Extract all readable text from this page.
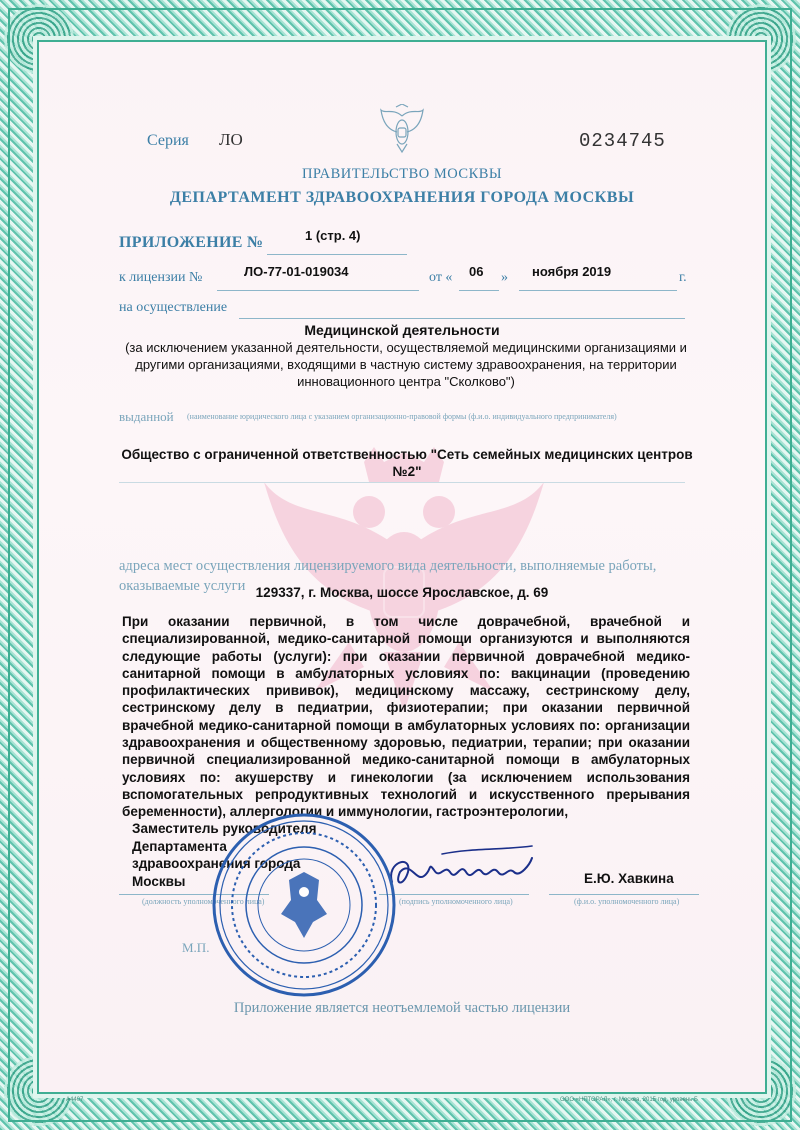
Серия ЛО	0234745
ПРАВИТЕЛЬСТВО МОСКВЫ
ДЕПАРТАМЕНТ ЗДРАВООХРАНЕНИЯ ГОРОДА МОСКВЫ
ПРИЛОЖЕНИЕ №	1 (стр. 4)
к лицензии №	ЛО-77-01-019034	от « 06 » ноября 2019	г.
на осуществление
Медицинской деятельности
(за исключением указанной деятельности, осуществляемой медицинскими организациями и другими организациями, входящими в частную систему здравоохранения, на территории инновационного центра "Сколково")
выданной (наименование юридического лица с указанием организационно-правовой формы (ф.и.о. индивидуального предпринимателя)
Общество с ограниченной ответственностью "Сеть семейных медицинских центров №2"
адреса мест осуществления лицензируемого вида деятельности, выполняемые работы, оказываемые услуги 129337, г. Москва, шоссе Ярославское, д. 69
При оказании первичной, в том числе доврачебной, врачебной и специализированной, медико-санитарной помощи организуются и выполняются следующие работы (услуги): при оказании первичной доврачебной медико-санитарной помощи в амбулаторных условиях по: вакцинации (проведению профилактических прививок), медицинскому массажу, сестринскому делу, сестринскому делу в педиатрии, физиотерапии; при оказании первичной врачебной медико-санитарной помощи в амбулаторных условиях по: организации здравоохранения и общественному здоровью, педиатрии, терапии; при оказании первичной специализированной медико-санитарной помощи в амбулаторных условиях по: акушерству и гинекологии (за исключением использования вспомогательных репродуктивных технологий и искусственного прерывания беременности), аллергологии и иммунологии, гастроэнтерологии,
Заместитель руководителя
Департамента
здравоохранения города
Москвы
(должность уполномоченного лица)	(подпись уполномоченного лица)	(ф.и.о. уполномоченного лица)
Е.Ю. Хавкина
М.П.
Приложение является неотъемлемой частью лицензии
А4407	ООО «НПТОРАЛ», г. Москва, 2015 год, уровень Б
